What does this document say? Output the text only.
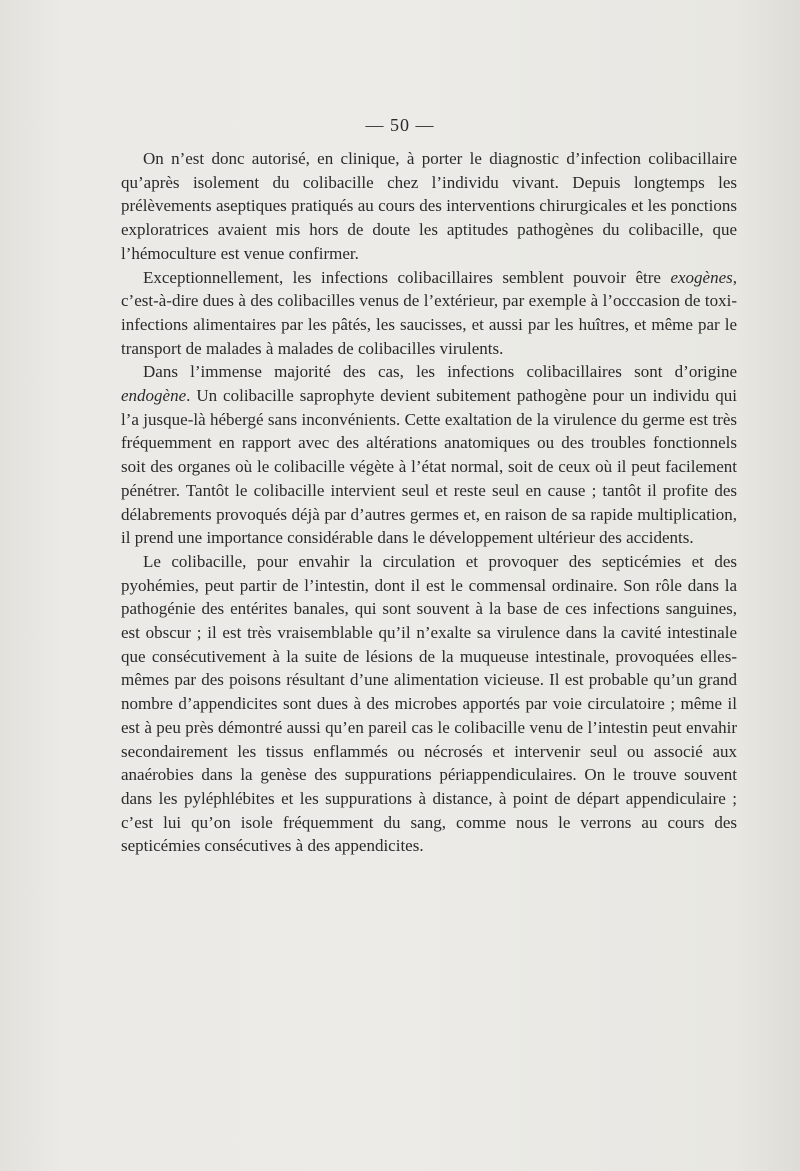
— 50 —

On n’est donc autorisé, en clinique, à porter le diagnostic d’infection colibacillaire qu’après isolement du colibacille chez l’individu vivant. Depuis longtemps les prélèvements aseptiques pratiqués au cours des interventions chirurgicales et les ponctions exploratrices avaient mis hors de doute les aptitudes pathogènes du colibacille, que l’hémoculture est venue confirmer.

Exceptionnellement, les infections colibacillaires semblent pouvoir être exogènes, c’est-à-dire dues à des colibacilles venus de l’extérieur, par exemple à l’occcasion de toxi-infections alimentaires par les pâtés, les saucisses, et aussi par les huîtres, et même par le transport de malades à malades de colibacilles virulents.

Dans l’immense majorité des cas, les infections colibacillaires sont d’origine endogène. Un colibacille saprophyte devient subitement pathogène pour un individu qui l’a jusque-là hébergé sans inconvénients. Cette exaltation de la virulence du germe est très fréquemment en rapport avec des altérations anatomiques ou des troubles fonctionnels soit des organes où le colibacille végète à l’état normal, soit de ceux où il peut facilement pénétrer. Tantôt le colibacille intervient seul et reste seul en cause ; tantôt il profite des délabrements provoqués déjà par d’autres germes et, en raison de sa rapide multiplication, il prend une importance considérable dans le développement ultérieur des accidents.

Le colibacille, pour envahir la circulation et provoquer des septicémies et des pyohémies, peut partir de l’intestin, dont il est le commensal ordinaire. Son rôle dans la pathogénie des entérites banales, qui sont souvent à la base de ces infections sanguines, est obscur ; il est très vraisemblable qu’il n’exalte sa virulence dans la cavité intestinale que consécutivement à la suite de lésions de la muqueuse intestinale, provoquées elles-mêmes par des poisons résultant d’une alimentation vicieuse. Il est probable qu’un grand nombre d’appendicites sont dues à des microbes apportés par voie circulatoire ; même il est à peu près démontré aussi qu’en pareil cas le colibacille venu de l’intestin peut envahir secondairement les tissus enflammés ou nécrosés et intervenir seul ou associé aux anaérobies dans la genèse des suppurations périappendiculaires. On le trouve souvent dans les pyléphlébites et les suppurations à distance, à point de départ appendiculaire ; c’est lui qu’on isole fréquemment du sang, comme nous le verrons au cours des septicémies consécutives à des appendicites.
